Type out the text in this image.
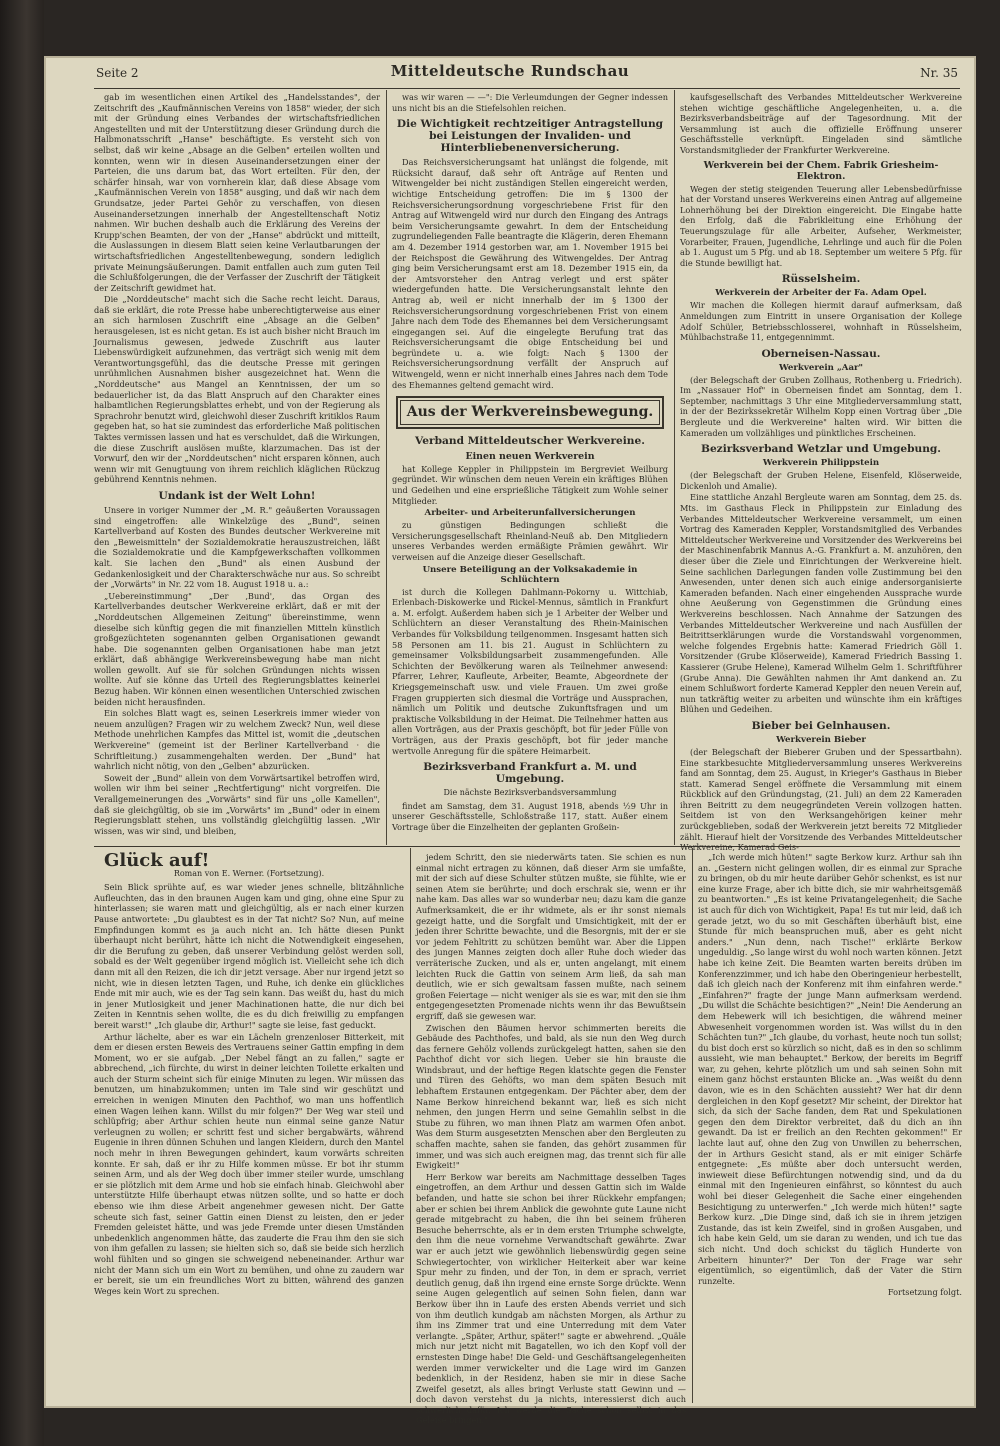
Seite 2	Mitteldeutsche Rundschau	Nr. 35

gab im wesentlichen einen Artikel des „Handelsstandes", der Zeitschrift des „Kaufmännischen Vereins von 1858" wieder, der sich mit der Gründung eines Verbandes der wirtschaftsfriedlichen Angestellten und mit der Unterstützung dieser Gründung durch die Halbmonatsschrift „Hanse" beschäftigte. Es versteht sich von selbst, daß wir keine „Absage an die Gelben" erteilen wollten und konnten, wenn wir in diesen Auseinandersetzungen einer der Parteien, die uns darum bat, das Wort erteilten. Für den, der schärfer hinsah, war von vornherein klar, daß diese Absage vom „Kaufmännischen Verein von 1858" ausging, und daß wir nach dem Grundsatze, jeder Partei Gehör zu verschaffen, von diesen Auseinandersetzungen innerhalb der Angestelltenschaft Notiz nahmen. Wir buchen deshalb auch die Erklärung des Vereins der Krupp'schen Beamten, der von der „Hanse" abdrückt und mitteilt, die Auslassungen in diesem Blatt seien keine Verlautbarungen der wirtschaftsfriedlichen Angestelltenbewegung, sondern lediglich private Meinungsäußerungen. Damit entfallen auch zum guten Teil die Schlußfolgerungen, die der Verfasser der Zuschrift der Tätigkeit der Zeitschrift gewidmet hat.

Die „Norddeutsche" macht sich die Sache recht leicht. Daraus, daß sie erklärt, die rote Presse habe unberechtigterweise aus einer an sich harmlosen Zuschrift eine „Absage an die Gelben" herausgelesen, ist es nicht getan. Es ist auch bisher nicht Brauch im Journalismus gewesen, jedwede Zuschrift aus lauter Liebenswürdigkeit aufzunehmen, das verträgt sich wenig mit dem Verantwortungsgefühl, das die deutsche Presse mit geringen unrühmlichen Ausnahmen bisher ausgezeichnet hat. Wenn die „Norddeutsche" aus Mangel an Kenntnissen, der um so bedauerlicher ist, da das Blatt Anspruch auf den Charakter eines halbamtlichen Regierungsblattes erhebt, und von der Regierung als Sprachrohr benutzt wird, gleichwohl dieser Zuschrift kritiklos Raum gegeben hat, so hat sie zumindest das erforderliche Maß politischen Taktes vermissen lassen und hat es verschuldet, daß die Wirkungen, die diese Zuschrift auslösen mußte, klarzumachen. Das ist der Vorwurf, den wir der „Norddeutschen" nicht ersparen können, auch wenn wir mit Genugtuung von ihrem reichlich kläglichen Rückzug gebührend Kenntnis nehmen.

Undank ist der Welt Lohn!

Unsere in voriger Nummer der „M. R." geäußerten Voraussagen sind eingetroffen: alle Winkelzüge des „Bund", seinen Kartellverband auf Kosten des Bundes deutscher Werkvereine mit den „Beweismitteln" der Sozialdemokratie herauszustreichen, läßt die Sozialdemokratie und die Kampfgewerkschaften vollkommen kalt. Sie lachen den „Bund" als einen Ausbund der Gedankenlosigkeit und der Charakterschwäche nur aus. So schreibt der „Vorwärts" in Nr. 22 vom 18. August 1918 u. a.:

„Uebereinstimmung" „Der ‚Bund', das Organ des Kartellverbandes deutscher Werkvereine erklärt, daß er mit der „Norddeutschen Allgemeinen Zeitung" übereinstimme, wenn dieselbe sich künftig gegen die mit finanziellen Mitteln künstlich großgezüchteten sogenannten gelben Organisationen gewandt habe. Die sogenannten gelben Organisationen habe man jetzt erklärt, daß abhängige Werkvereinsbewegung habe man nicht wollen gewollt. Auf sie für solchen Gründungen nichts wissen wollte. Auf sie könne das Urteil des Regierungsblattes keinerlei Bezug haben. Wir können einen wesentlichen Unterschied zwischen beiden nicht herausfinden.

Ein solches Blatt wagt es, seinen Leserkreis immer wieder von neuem anzulügen? Fragen wir zu welchem Zweck? Nun, weil diese Methode unehrlichen Kampfes das Mittel ist, womit die „deutschen Werkvereine" (gemeint ist der Berliner Kartellverband · die Schriftleitung.) zusammengehalten werden. Der „Bund" hat wahrlich nicht nötig, von den „Gelben" abzurücken.

Soweit der „Bund" allein von dem Vorwärtsartikel betroffen wird, wollen wir ihm bei seiner „Rechtfertigung" nicht vorgreifen. Die Verallgemeinerungen des „Vorwärts" sind für uns „olle Kamellen", daß sie gleichgültig, ob sie im „Vorwärts" im „Bund" oder in einem Regierungsblatt stehen, uns vollständig gleichgültig lassen. „Wir wissen, was wir sind, und bleiben,

was wir waren — —": Die Verleumdungen der Gegner indessen uns nicht bis an die Stiefelsohlen reichen.

Die Wichtigkeit rechtzeitiger Antragstellung bei Leistungen der Invaliden- und Hinterbliebenenversicherung.

Das Reichsversicherungsamt hat unlängst die folgende, mit Rücksicht darauf, daß sehr oft Anträge auf Renten und Witwengelder bei nicht zuständigen Stellen eingereicht werden, wichtige Entscheidung getroffen: Die im § 1300 der Reichsversicherungsordnung vorgeschriebene Frist für den Antrag auf Witwengeld wird nur durch den Eingang des Antrags beim Versicherungsamte gewahrt. In dem der Entscheidung zugrundeliegenden Falle beantragte die Klägerin, deren Ehemann am 4. Dezember 1914 gestorben war, am 1. November 1915 bei der Reichspost die Gewährung des Witwengeldes. Der Antrag ging beim Versicherungsamt erst am 18. Dezember 1915 ein, da der Amtsvorsteher den Antrag verlegt und erst später wiedergefunden hatte. Die Versicherungsanstalt lehnte den Antrag ab, weil er nicht innerhalb der im § 1300 der Reichsversicherungsordnung vorgeschriebenen Frist von einem Jahre nach dem Tode des Ehemannes bei dem Versicherungsamt eingegangen sei. Auf die eingelegte Berufung trat das Reichsversicherungsamt die obige Entscheidung bei und begründete u. a. wie folgt: Nach § 1300 der Reichsversicherungsordnung verfällt der Anspruch auf Witwengeld, wenn er nicht innerhalb eines Jahres nach dem Tode des Ehemannes geltend gemacht wird.

Aus der Werkvereinsbewegung.
Verband Mitteldeutscher Werkvereine.
Einen neuen Werkverein

hat Kollege Keppler in Philippstein im Bergreviet Weilburg gegründet. Wir wünschen dem neuen Verein ein kräftiges Blühen und Gedeihen und eine ersprießliche Tätigkeit zum Wohle seiner Mitglieder.

Arbeiter- und Arbeiterunfallversicherungen

zu günstigen Bedingungen schließt die Versicherungsgesellschaft Rheinland-Neuß ab. Den Mitgliedern unseres Verbandes werden ermäßigte Prämien gewährt. Wir verweisen auf die Anzeige dieser Gesellschaft.

Unsere Beteiligung an der Volksakademie in Schlüchtern

ist durch die Kollegen Dahlmann-Pokorny u. Wittchiab, Erlenbach-Diskowerke und Rickel-Mennus, sämtlich in Frankfurt a. M. erfolgt. Außerdem haben sich je 1 Arbeiter der Welber und Schlüchtern an dieser Veranstaltung des Rhein-Mainischen Verbandes für Volksbildung teilgenommen. Insgesamt hatten sich 58 Personen am 11. bis 21. August in Schlüchtern zu gemeinsamer Volksbildungsarbeit zusammengefunden. Alle Schichten der Bevölkerung waren als Teilnehmer anwesend: Pfarrer, Lehrer, Kaufleute, Arbeiter, Beamte, Abgeordnete der Kriegsgemeinschaft usw. und viele Frauen. Um zwei große Fragen gruppierten sich diesmal die Vorträge und Aussprachen, nämlich um Politik und deutsche Zukunftsfragen und um praktische Volksbildung in der Heimat. Die Teilnehmer hatten aus allen Vorträgen, aus der Praxis geschöpft, bot für jeder Fülle von Vorträgen, aus der Praxis geschöpft, bot für jeder manche wertvolle Anregung für die spätere Heimarbeit.

Bezirksverband Frankfurt a. M. und Umgebung.

Die nächste Bezirksverbandsversammlung

findet am Samstag, dem 31. August 1918, abends ½9 Uhr in unserer Geschäftsstelle, Schloßstraße 117, statt. Außer einem Vortrage über die Einzelheiten der geplanten Großein-

kaufsgesellschaft des Verbandes Mitteldeutscher Werkvereine stehen wichtige geschäftliche Angelegenheiten, u. a. die Bezirksverbandsbeiträge auf der Tagesordnung. Mit der Versammlung ist auch die offizielle Eröffnung unserer Geschäftsstelle verknüpft. Eingeladen sind sämtliche Vorstandsmitglieder der Frankfurter Werkvereine.

Werkverein bei der Chem. Fabrik Griesheim-Elektron.

Wegen der stetig steigenden Teuerung aller Lebensbedürfnisse hat der Vorstand unseres Werkvereins einen Antrag auf allgemeine Lohnerhöhung bei der Direktion eingereicht. Die Eingabe hatte den Erfolg, daß die Fabrikleitung eine Erhöhung der Teuerungszulage für alle Arbeiter, Aufseher, Werkmeister, Vorarbeiter, Frauen, Jugendliche, Lehrlinge und auch für die Polen ab 1. August um 5 Pfg. und ab 18. September um weitere 5 Pfg. für die Stunde bewilligt hat.

Rüsselsheim.
Werkverein der Arbeiter der Fa. Adam Opel.

Wir machen die Kollegen hiermit darauf aufmerksam, daß Anmeldungen zum Eintritt in unsere Organisation der Kollege Adolf Schüler, Betriebsschlosserei, wohnhaft in Rüsselsheim, Mühlbachstraße 11, entgegennimmt.

Oberneisen-Nassau.
Werkverein „Aar"

(der Belegschaft der Gruben Zollhaus, Rothenberg u. Friedrich). Im „Nassauer Hof" in Oberneisen findet am Sonntag, dem 1. September, nachmittags 3 Uhr eine Mitgliederversammlung statt, in der der Bezirkssekretär Wilhelm Kopp einen Vortrag über „Die Bergleute und die Werkvereine" halten wird. Wir bitten die Kameraden um vollzähliges und pünktliches Erscheinen.

Bezirksverband Wetzlar und Umgebung.
Werkverein Philippstein

(der Belegschaft der Gruben Helene, Eisenfeld, Klöserweide, Dickenloh und Amalie).

Eine stattliche Anzahl Bergleute waren am Sonntag, dem 25. ds. Mts. im Gasthaus Fleck in Philippstein zur Einladung des Verbandes Mitteldeutscher Werkvereine versammelt, um einen Vortrag des Kameraden Keppler, Vorstandsmitglied des Verbandes Mitteldeutscher Werkvereine und Vorsitzender des Werkvereins bei der Maschinenfabrik Mannus A.-G. Frankfurt a. M. anzuhören, den dieser über die Ziele und Einrichtungen der Werkvereine hielt. Seine sachlichen Darlegungen fanden volle Zustimmung bei den Anwesenden, unter denen sich auch einige andersorganisierte Kameraden befanden. Nach einer eingehenden Aussprache wurde ohne Aeußerung von Gegenstimmen die Gründung eines Werkvereins beschlossen. Nach Annahme der Satzungen des Verbandes Mitteldeutscher Werkvereine und nach Ausfüllen der Beitrittserklärungen wurde die Vorstandswahl vorgenommen, welche folgendes Ergebnis hatte: Kamerad Friedrich Göll 1. Vorsitzender (Grube Klöserweide), Kamerad Friedrich Bassing 1. Kassierer (Grube Helene), Kamerad Wilhelm Gelm 1. Schriftführer (Grube Anna). Die Gewählten nahmen ihr Amt dankend an. Zu einem Schlußwort forderte Kamerad Keppler den neuen Verein auf, nun tatkräftig weiter zu arbeiten und wünschte ihm ein kräftiges Blühen und Gedeihen.

Bieber bei Gelnhausen.
Werkverein Bieber

(der Belegschaft der Bieberer Gruben und der Spessartbahn). Eine starkbesuchte Mitgliederversammlung unseres Werkvereins fand am Sonntag, dem 25. August, in Krieger's Gasthaus in Bieber statt. Kamerad Sengel eröffnete die Versammlung mit einem Rückblick auf den Gründungstag, (21. Juli) an dem 22 Kameraden ihren Beitritt zu dem neugegründeten Verein vollzogen hatten. Seitdem ist von den Werksangehörigen keiner mehr zurückgeblieben, sodaß der Werkverein jetzt bereits 72 Mitglieder zählt. Hierauf hielt der Vorsitzende des Verbandes Mitteldeutscher Werkvereine, Kamerad Geis-

Glück auf!

Roman von E. Werner. (Fortsetzung).

Sein Blick sprühte auf, es war wieder jenes schnelle, blitzähnliche Aufleuchten, das in den braunen Augen kam und ging, ohne eine Spur zu hinterlassen; sie waren matt und gleichgültig, als er nach einer kurzen Pause antwortete: „Du glaubtest es in der Tat nicht? So? Nun, auf meine Empfindungen kommt es ja auch nicht an. Ich hätte diesen Punkt überhaupt nicht berührt, hätte ich nicht die Notwendigkeit eingesehen, dir die Berufung zu geben, daß unserer Verbindung gelöst werden soll, sobald es der Welt gegenüber irgend möglich ist. Vielleicht sehe ich dich dann mit all den Reizen, die ich dir jetzt versage. Aber nur irgend jetzt so nicht, wie in diesen letzten Tagen, und Ruhe, ich denke ein glückliches Ende mit mir auch, wie es der Tag sein kann. Das weißt du, hast du mich in jener Mutlosigkeit und jener Machinationen hatte, die nur dich bei Zeiten in Kenntnis sehen wollte, die es du dich freiwillig zu empfangen bereit warst!" „Ich glaube dir, Arthur!" sagte sie leise, fast geduckt.

Arthur lächelte, aber es war ein Lächeln grenzenloser Bitterkeit, mit dem er diesen ersten Beweis des Vertrauens seiner Gattin empfing in dem Moment, wo er sie aufgab. „Der Nebel fängt an zu fallen," sagte er abbrechend, „ich fürchte, du wirst in deiner leichten Toilette erkalten und auch der Sturm scheint sich für einige Minuten zu legen. Wir müssen das benutzen, um hinabzukommen; unten im Tale sind wir geschützt und erreichen in wenigen Minuten den Pachthof, wo man uns hoffentlich einen Wagen leihen kann. Willst du mir folgen?" Der Weg war steil und schlüpfrig; aber Arthur schien heute nun einmal seine ganze Natur verleugnen zu wollen; er schritt fest und sicher bergabwärts, während Eugenie in ihren dünnen Schuhen und langen Kleidern, durch den Mantel noch mehr in ihren Bewegungen gehindert, kaum vorwärts schreiten konnte. Er sah, daß er ihr zu Hilfe kommen müsse. Er bot ihr stumm seinen Arm, und als der Weg doch über immer steiler wurde, umschlang er sie plötzlich mit dem Arme und hob sie einfach hinab. Gleichwohl aber unterstützte Hilfe überhaupt etwas nützen sollte, und so hatte er doch ebenso wie ihm diese Arbeit angenehmer gewesen nicht. Der Gatte scheute sich fast, seiner Gattin einen Dienst zu leisten, den er jeder Fremden geleistet hätte, und was jede Fremde unter diesen Umständen unbedenklich angenommen hätte, das zauderte die Frau ihm den sie sich von ihm gefallen zu lassen; sie hielten sich so, daß sie beide sich herzlich wohl fühlten und so gingen sie schweigend nebeneinander. Arthur war nicht der Mann sich um ein Wort zu bemühen, und ohne zu zaudern war er bereit, sie um ein freundliches Wort zu bitten, während des ganzen Weges kein Wort zu sprechen.

jedem Schritt, den sie niederwärts taten. Sie schien es nun einmal nicht ertragen zu können, daß dieser Arm sie umfaßte, mit der sich auf diese Schulter stützen mußte, sie fühlte, wie er seinen Atem sie berührte; und doch erschrak sie, wenn er ihr nahe kam. Das alles war so wunderbar neu; dazu kam die ganze Aufmerksamkeit, die er ihr widmete, als er ihr sonst niemals gezeigt hatte, und die Sorgfalt und Umsichtigkeit, mit der er jeden ihrer Schritte bewachte, und die Besorgnis, mit der er sie vor jedem Fehltritt zu schützen bemüht war. Aber die Lippen des jungen Mannes zeigten doch aller Ruhe doch wieder das verräterische Zucken, und als er, unten angelangt, mit einem leichten Ruck die Gattin von seinem Arm ließ, da sah man deutlich, wie er sich gewaltsam fassen mußte, nach seinem großen Feiertage — nicht weniger als sie es war, mit den sie ihm entgegengesetzten Promenade nichts wenn ihr das Bewußtsein ergriff, daß sie gewesen war.

Zwischen den Bäumen hervor schimmerten bereits die Gebäude des Pachthofes, und bald, als sie nun den Weg durch das fernere Gehölz vollends zurückgelegt hatten, sahen sie den Pachthof dicht vor sich liegen. Ueber sie hin brauste die Windsbraut, und der heftige Regen klatschte gegen die Fenster und Türen des Gehöfts, wo man dem späten Besuch mit lebhaftem Erstaunen entgegenkam. Der Pächter aber, dem der Name Berkow hinreichend bekannt war, ließ es sich nicht nehmen, den jungen Herrn und seine Gemahlin selbst in die Stube zu führen, wo man ihnen Platz am warmen Ofen anbot. Was dem Sturm ausgesetzten Menschen aber den Bergleuten zu schaffen machte, sahen sie fanden, das gehört zusammen für immer, und was sich auch ereignen mag, das trennt sich für alle Ewigkeit!"

Herr Berkow war bereits am Nachmittage desselben Tages eingetroffen, an dem Arthur und dessen Gattin sich im Walde befanden, und hatte sie schon bei ihrer Rückkehr empfangen; aber er schien bei ihrem Anblick die gewohnte gute Laune nicht gerade mitgebracht zu haben, die ihn bei seinem früheren Besuche beherrschte, als er in dem ersten Triumphe schwelgte, den ihm die neue vornehme Verwandtschaft gewährte. Zwar war er auch jetzt wie gewöhnlich liebenswürdig gegen seine Schwiegertochter, von wirklicher Heiterkeit aber war keine Spur mehr zu finden, und der Ton, in dem er sprach, verriet deutlich genug, daß ihn irgend eine ernste Sorge drückte. Wenn seine Augen gelegentlich auf seinen Sohn fielen, dann war Berkow über ihn in Laufe des ersten Abends verriet und sich von ihm deutlich kundgab am nächsten Morgen, als Arthur zu ihm ins Zimmer trat und eine Unterredung mit dem Vater verlangte. „Später, Arthur, später!" sagte er abwehrend. „Quäle mich nur jetzt nicht mit Bagatellen, wo ich den Kopf voll der ernstesten Dinge habe! Die Geld- und Geschäftsangelegenheiten werden immer verwickelter und die Lage wird im Ganzen bedenklich, in der Residenz, haben sie mir in diese Sache Zweifel gesetzt, als alles bringt Verluste statt Gewinn und — doch davon verstehst du ja nichts, interessierst dich auch schwerlich dafür. Ich werde die Sache schon selbst in das Geleise bringen."

„Ich werde mich hüten!" sagte Berkow kurz. Arthur sah ihn an. „Gestern nicht gelingen wollen, dir es einmal zur Sprache zu bringen, ob du mir heute darüber Gehör schenkst, es ist nur eine kurze Frage, aber ich bitte dich, sie mir wahrheitsgemäß zu beantworten." „Es ist keine Privatangelegenheit; die Sache ist auch für dich von Wichtigkeit, Papa! Es tut mir leid, daß ich gerade jetzt, wo du so mit Geschäften überhäuft bist, eine Stunde für mich beanspruchen muß, aber es geht nicht anders." „Nun denn, nach Tische!" erklärte Berkow ungeduldig. „So lange wirst du wohl noch warten können. Jetzt habe ich keine Zeit. Die Beamten warten bereits drüben im Konferenzzimmer, und ich habe den Oberingenieur herbestellt, daß ich gleich nach der Konferenz mit ihm einfahren werde." „Einfahren?" fragte der junge Mann aufmerksam werdend. „Du willst die Schächte besichtigen?" „Nein! Die Aenderung an dem Hebewerk will ich besichtigen, die während meiner Abwesenheit vorgenommen worden ist. Was willst du in den Schächten tun?" „Ich glaube, du vorhast, heute noch tun sollst; du bist doch erst so kürzlich so nicht, daß es in den so schlimm aussieht, wie man behauptet." Berkow, der bereits im Begriff war, zu gehen, kehrte plötzlich um und sah seinen Sohn mit einem ganz höchst erstaunten Blicke an. „Was weißt du denn davon, wie es in den Schächten aussieht? Wer hat dir denn dergleichen in den Kopf gesetzt? Mir scheint, der Direktor hat sich, da sich der Sache fanden, dem Rat und Spekulationen gegen den dem Direktor verbreitet, daß du dich an ihn gewandt. Da ist er freilich an den Rechten gekommen!" Er lachte laut auf, ohne den Zug von Unwillen zu beherrschen, der in Arthurs Gesicht stand, als er mit einiger Schärfe entgegnete: „Es müßte aber doch untersucht werden, inwieweit diese Befürchtungen notwendig sind, und da du einmal mit den Ingenieuren einfährst, so könntest du auch wohl bei dieser Gelegenheit die Sache einer eingehenden Besichtigung zu unterwerfen." „Ich werde mich hüten!" sagte Berkow kurz. „Die Dinge sind, daß ich sie in ihrem jetzigen Zustande, das ist kein Zweifel, sind in großen Ausgaben, und ich habe kein Geld, um sie daran zu wenden, und ich tue das sich nicht. Und doch schickst du täglich Hunderte von Arbeitern hinunter?" Der Ton der Frage war sehr eigentümlich, so eigentümlich, daß der Vater die Stirn runzelte.

Fortsetzung folgt.
